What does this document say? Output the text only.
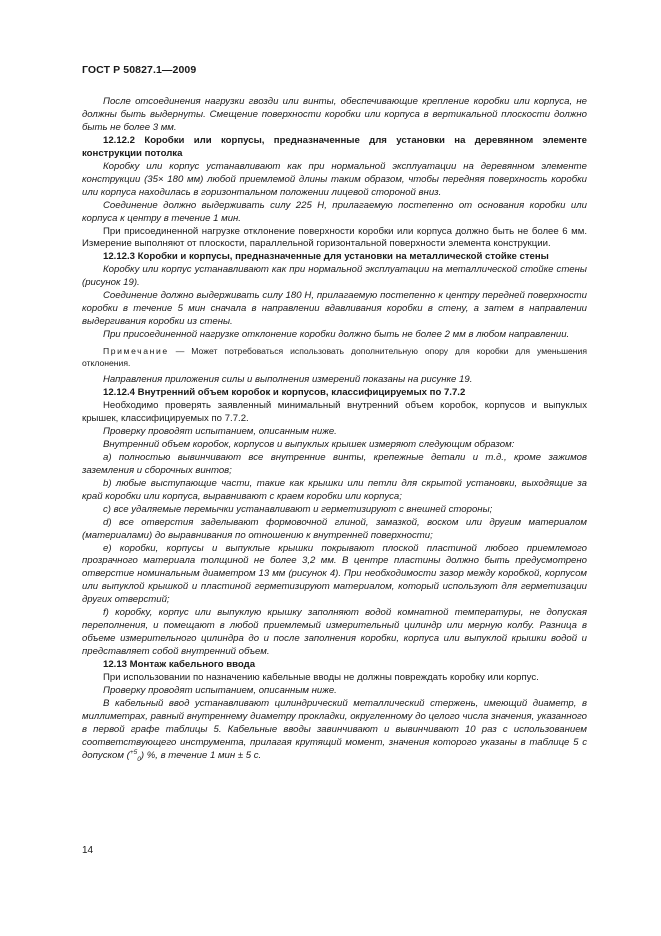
ГОСТ Р 50827.1—2009

После отсоединения нагрузки гвозди или винты, обеспечивающие крепление коробки или корпуса, не должны быть выдернуты. Смещение поверхности коробки или корпуса в вертикальной плоскости должно быть не более 3 мм.

12.12.2 Коробки или корпусы, предназначенные для установки на деревянном элементе конструкции потолка

Коробку или корпус устанавливают как при нормальной эксплуатации на деревянном элементе конструкции (35× 180 мм) любой приемлемой длины таким образом, чтобы передняя поверхность коробки или корпуса находилась в горизонтальном положении лицевой стороной вниз.

Соединение должно выдерживать силу 225 Н, прилагаемую постепенно от основания коробки или корпуса к центру в течение 1 мин.

При присоединенной нагрузке отклонение поверхности коробки или корпуса должно быть не более 6 мм. Измерение выполняют от плоскости, параллельной горизонтальной поверхности элемента конструкции.

12.12.3 Коробки и корпусы, предназначенные для установки на металлической стойке стены

Коробку или корпус устанавливают как при нормальной эксплуатации на металлической стойке стены (рисунок 19).

Соединение должно выдерживать силу 180 Н, прилагаемую постепенно к центру передней поверхности коробки в течение 5 мин сначала в направлении вдавливания коробки в стену, а затем в направлении выдергивания коробки из стены.

При присоединенной нагрузке отклонение коробки должно быть не более 2 мм в любом направлении.

Примечание — Может потребоваться использовать дополнительную опору для коробки для уменьшения отклонения.

Направления приложения силы и выполнения измерений показаны на рисунке 19.

12.12.4 Внутренний объем коробок и корпусов, классифицируемых по 7.7.2

Необходимо проверять заявленный минимальный внутренний объем коробок, корпусов и выпуклых крышек, классифицируемых по 7.7.2.

Проверку проводят испытанием, описанным ниже.

Внутренний объем коробок, корпусов и выпуклых крышек измеряют следующим образом:

a) полностью вывинчивают все внутренние винты, крепежные детали и т.д., кроме зажимов заземления и сборочных винтов;

b) любые выступающие части, такие как крышки или петли для скрытой установки, выходящие за край коробки или корпуса, выравнивают с краем коробки или корпуса;

c) все удаляемые перемычки устанавливают и герметизируют с внешней стороны;

d) все отверстия заделывают формовочной глиной, замазкой, воском или другим материалом (материалами) до выравнивания по отношению к внутренней поверхности;

e) коробки, корпусы и выпуклые крышки покрывают плоской пластиной любого приемлемого прозрачного материала толщиной не более 3,2 мм. В центре пластины должно быть предусмотрено отверстие номинальным диаметром 13 мм (рисунок 4). При необходимости зазор между коробкой, корпусом или выпуклой крышкой и пластиной герметизируют материалом, который используют для герметизации других отверстий;

f) коробку, корпус или выпуклую крышку заполняют водой комнатной температуры, не допуская переполнения, и помещают в любой приемлемый измерительный цилиндр или мерную колбу. Разница в объеме измерительного цилиндра до и после заполнения коробки, корпуса или выпуклой крышки водой и представляет собой внутренний объем.

12.13 Монтаж кабельного ввода

При использовании по назначению кабельные вводы не должны повреждать коробку или корпус.

Проверку проводят испытанием, описанным ниже.

В кабельный ввод устанавливают цилиндрический металлический стержень, имеющий диаметр, в миллиметрах, равный внутреннему диаметру прокладки, округленному до целого числа значения, указанного в первой графе таблицы 5. Кабельные вводы завинчивают и вывинчивают 10 раз с использованием соответствующего инструмента, прилагая крутящий момент, значения которого указаны в таблице 5 с допуском ($^{+5}_0$) %, в течение 1 мин ± 5 с.

14
